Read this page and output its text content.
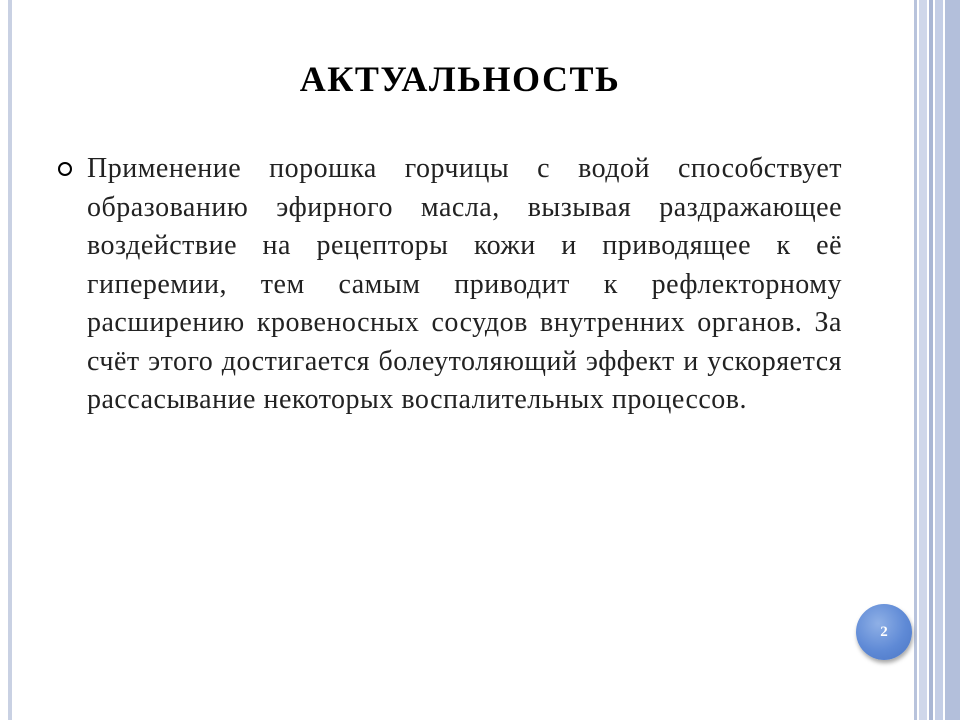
АКТУАЛЬНОСТЬ
Применение порошка горчицы с водой способствует образованию эфирного масла, вызывая раздражающее воздействие на рецепторы кожи и приводящее к её гиперемии, тем самым приводит к рефлекторному расширению кровеносных сосудов внутренних органов. За счёт этого достигается болеутоляющий эффект и ускоряется рассасывание некоторых воспалительных процессов.
2
